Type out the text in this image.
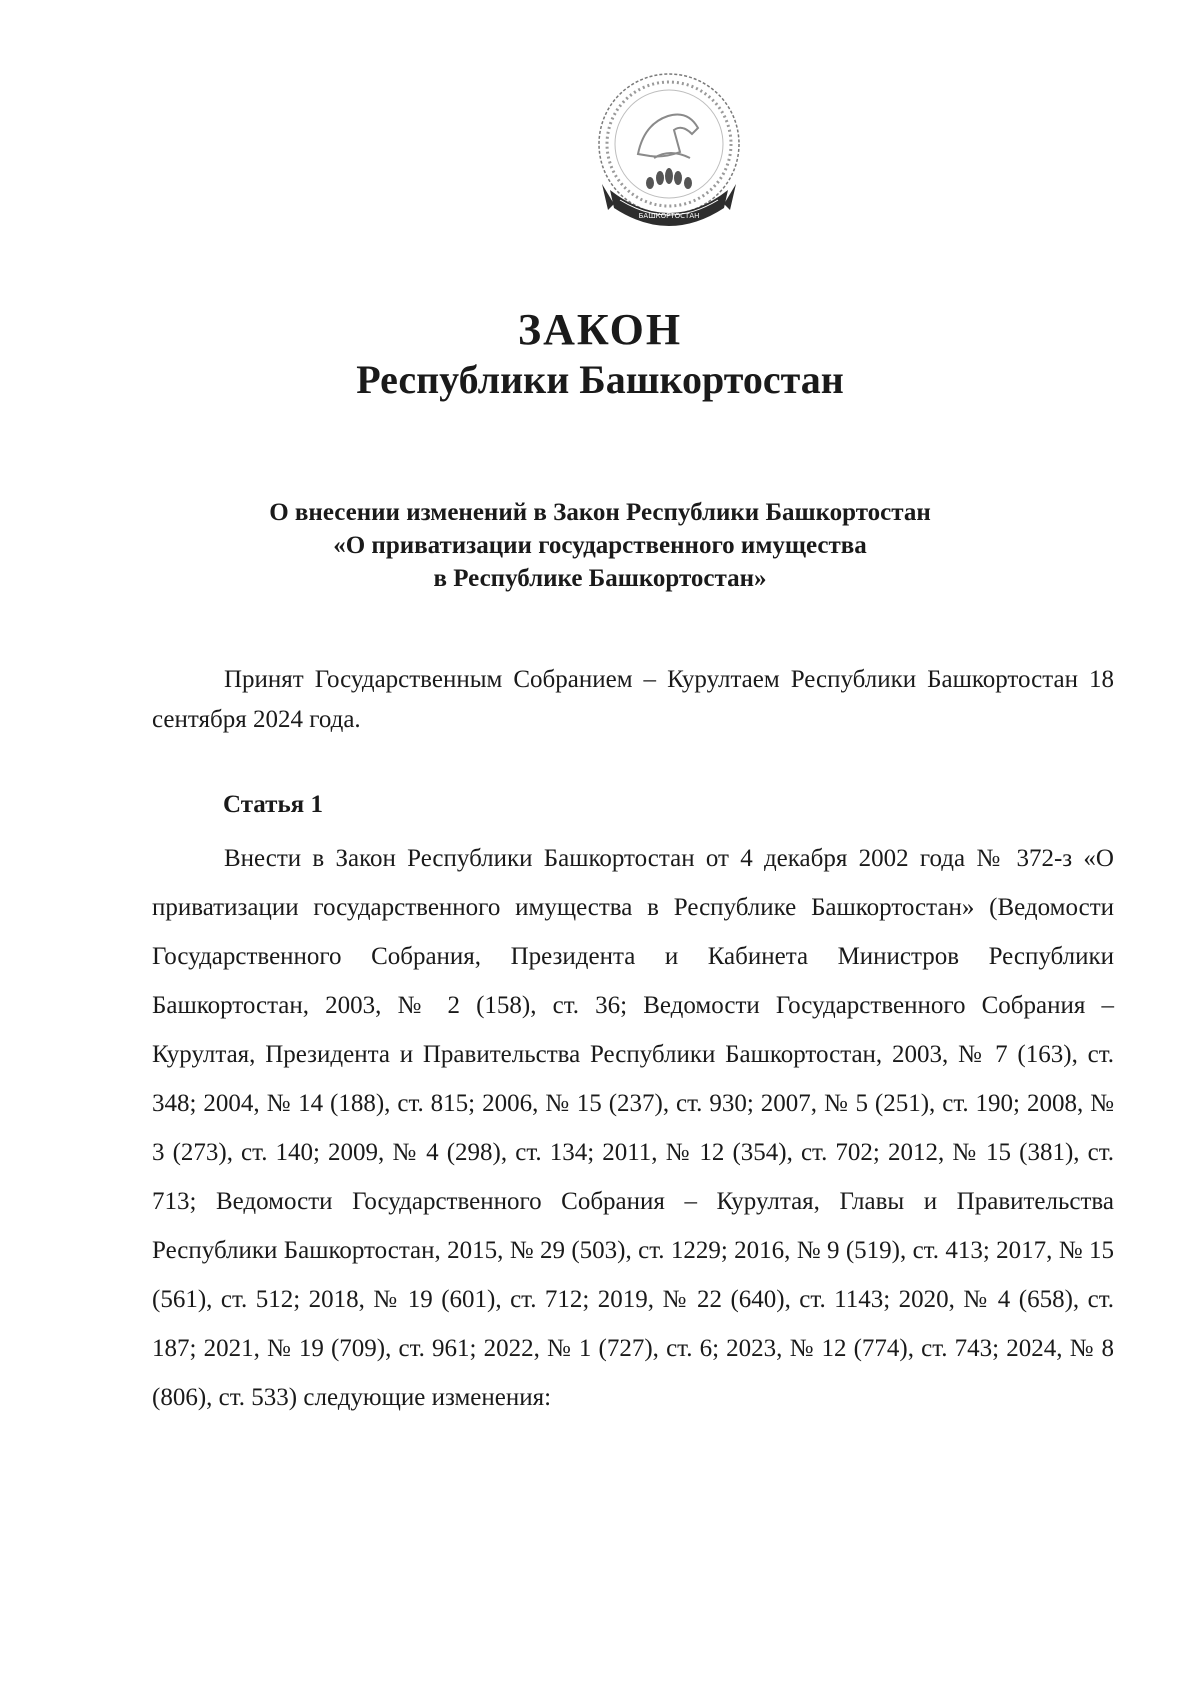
БАШКОРТОСТАН
ЗАКОН
Республики Башкортостан
О внесении изменений в Закон Республики Башкортостан
«О приватизации государственного имущества
в Республике Башкортостан»

Принят Государственным Собранием – Курултаем Республики Башкортостан 18 сентября 2024 года.

Статья 1

Внести в Закон Республики Башкортостан от 4 декабря 2002 года № 372-з «О приватизации государственного имущества в Республике Башкортостан» (Ведомости Государственного Собрания, Президента и Кабинета Министров Республики Башкортостан, 2003, № 2 (158), ст. 36; Ведомости Государственного Собрания – Курултая, Президента и Правительства Республики Башкортостан, 2003, № 7 (163), ст. 348; 2004, № 14 (188), ст. 815; 2006, № 15 (237), ст. 930; 2007, № 5 (251), ст. 190; 2008, № 3 (273), ст. 140; 2009, № 4 (298), ст. 134; 2011, № 12 (354), ст. 702; 2012, № 15 (381), ст. 713; Ведомости Государственного Собрания – Курултая, Главы и Правительства Республики Башкортостан, 2015, № 29 (503), ст. 1229; 2016, № 9 (519), ст. 413; 2017, № 15 (561), ст. 512; 2018, № 19 (601), ст. 712; 2019, № 22 (640), ст. 1143; 2020, № 4 (658), ст. 187; 2021, № 19 (709), ст. 961; 2022, № 1 (727), ст. 6; 2023, № 12 (774), ст. 743; 2024, № 8 (806), ст. 533) следующие изменения:
